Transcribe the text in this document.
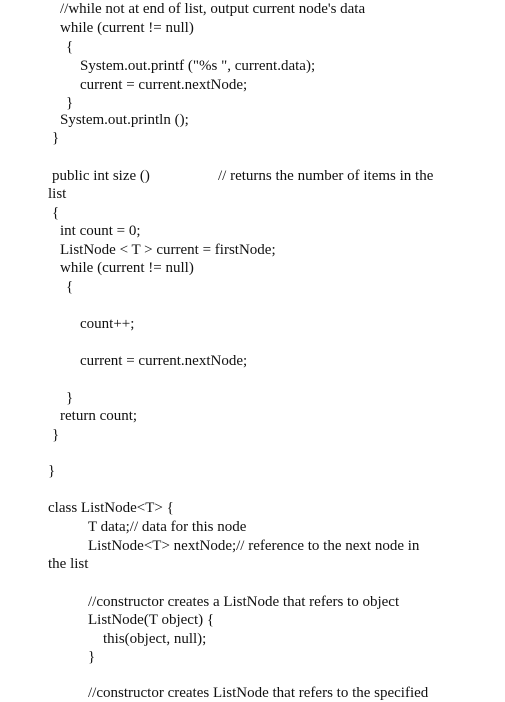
//while not at end of list, output current node's data
while (current != null)
{
System.out.printf ("%s ", current.data);
current = current.nextNode;
}
System.out.println ();
}
public int size ()	// returns the number of items in the
list
{
int count = 0;
ListNode < T > current = firstNode;
while (current != null)
{
count++;
current = current.nextNode;
}
return count;
}
}
class ListNode<T> {
T data;// data for this node
ListNode<T> nextNode;// reference to the next node in
the list
//constructor creates a ListNode that refers to object
ListNode(T object) {
this(object, null);
}
//constructor creates ListNode that refers to the specified
